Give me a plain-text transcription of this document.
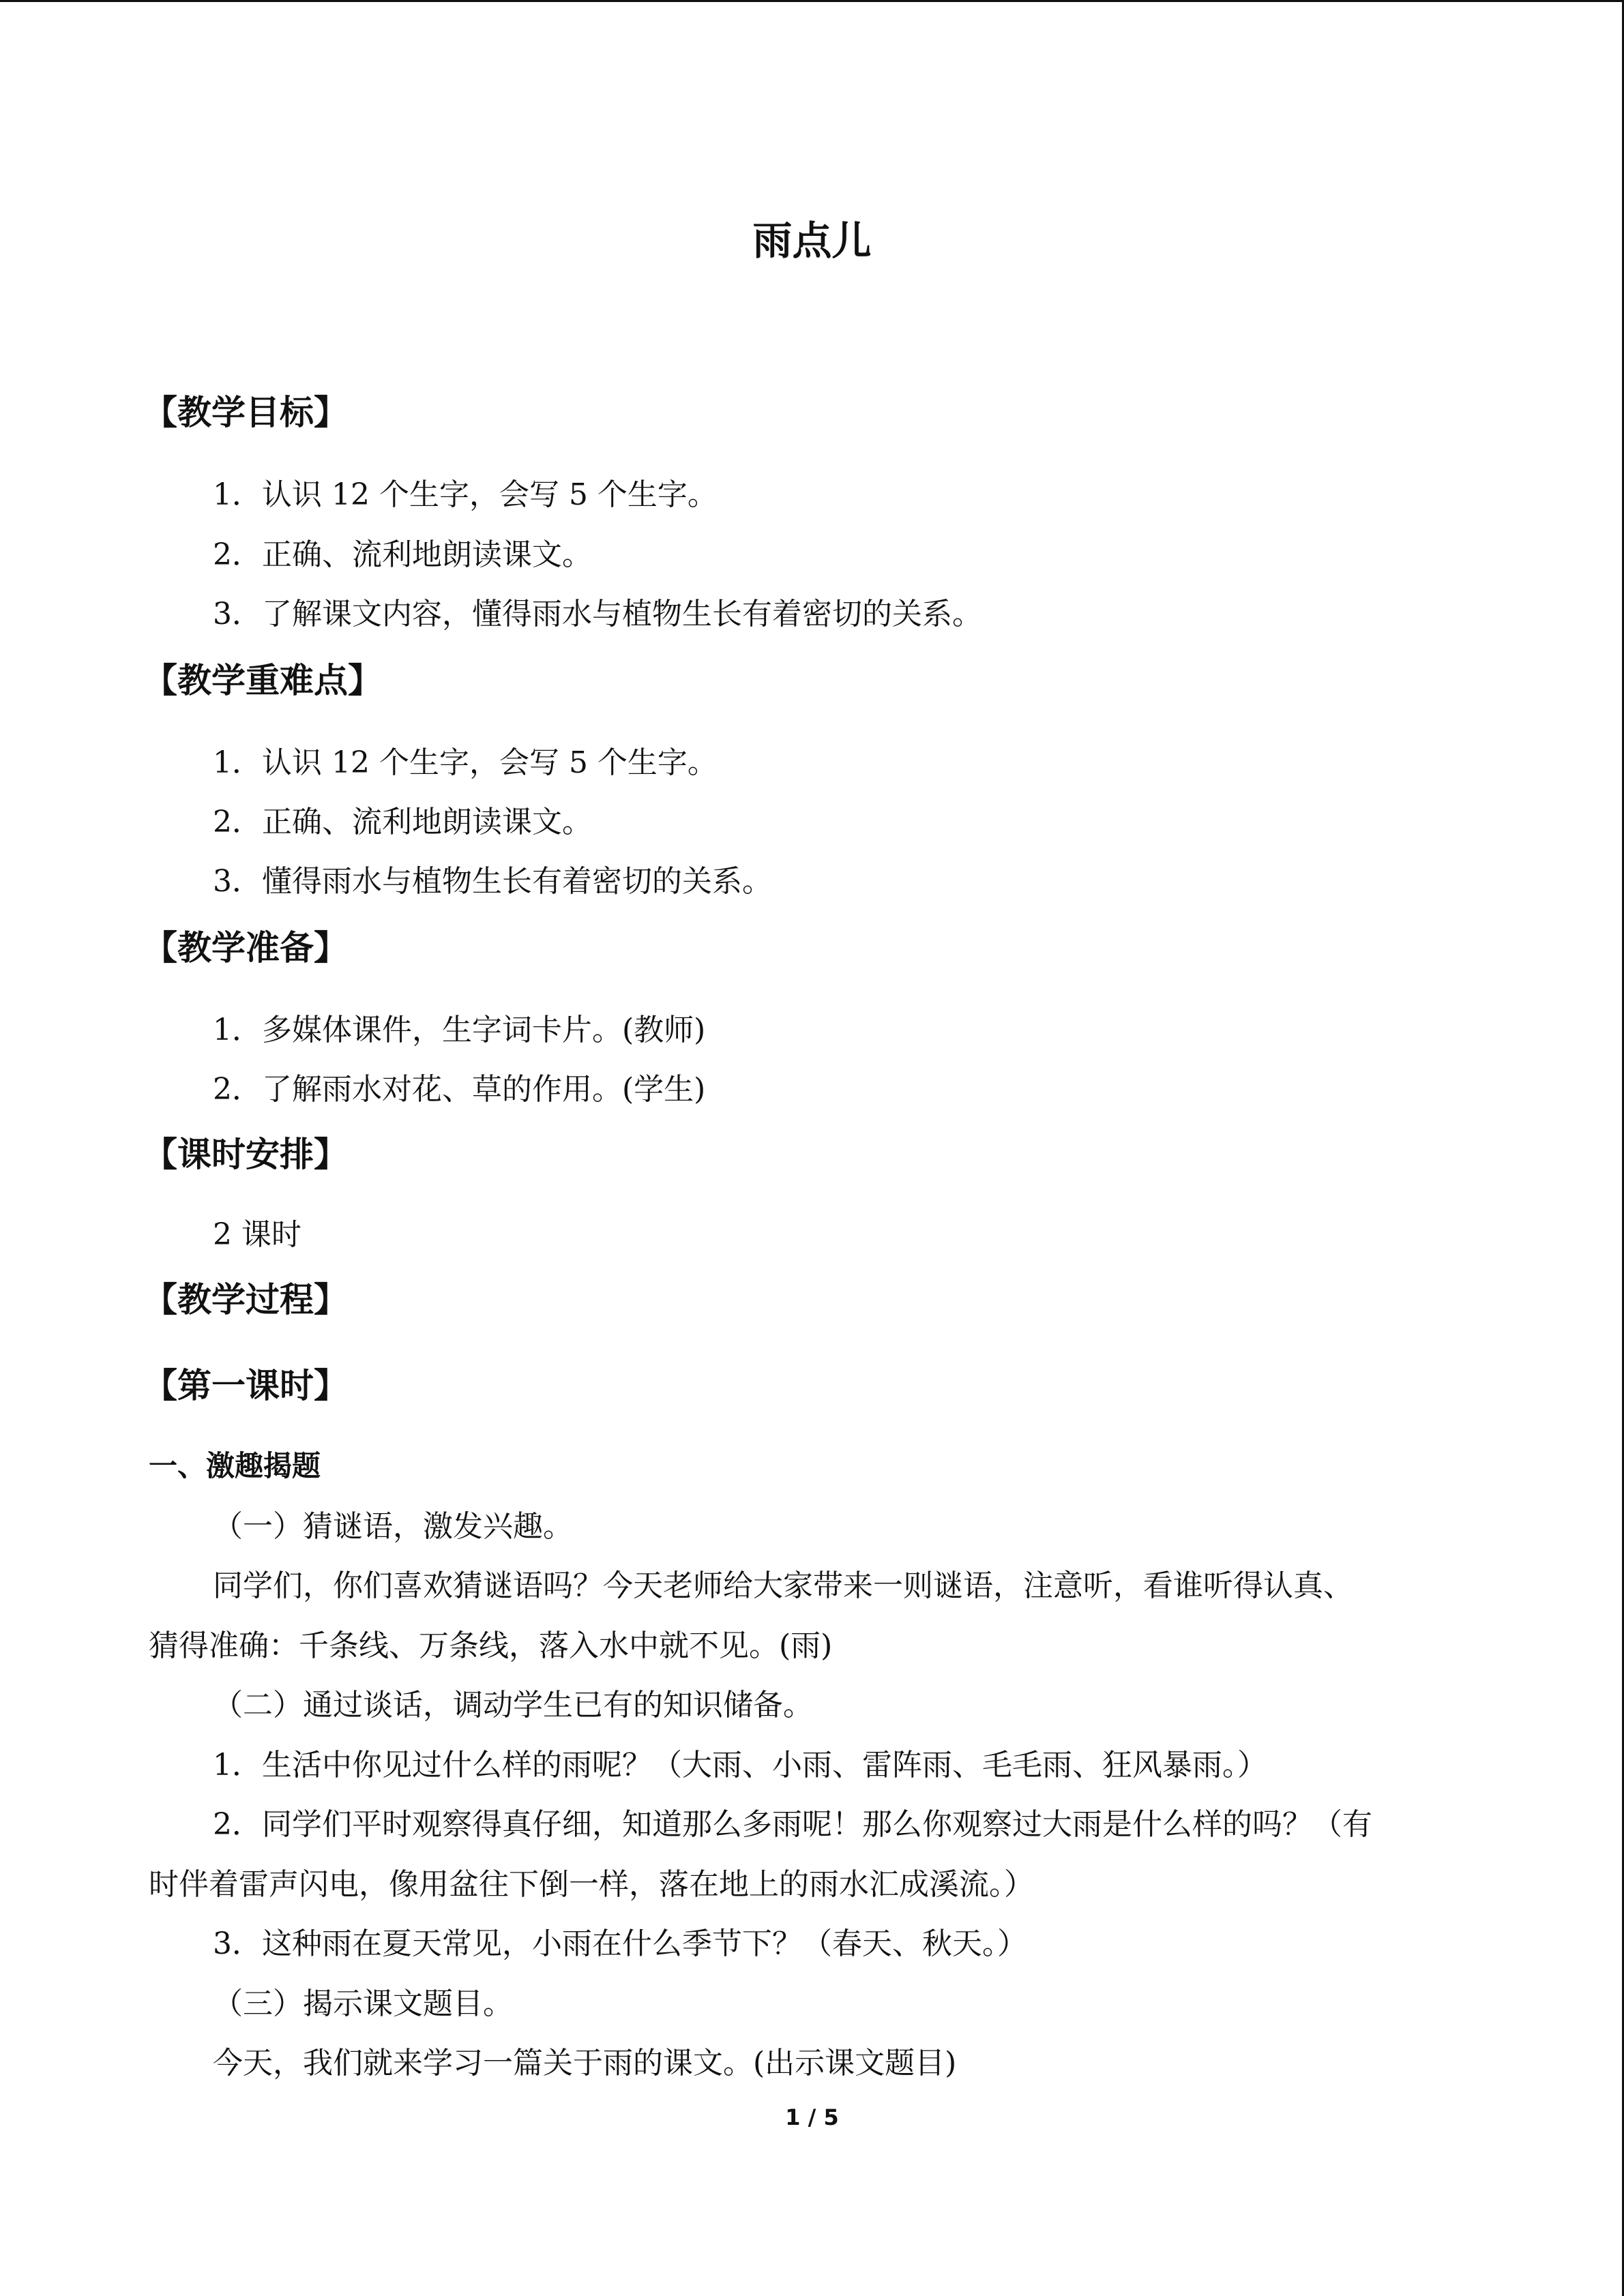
雨点儿
【教学目标】

1．认识 12 个生字，会写 5 个生字。

2．正确、流利地朗读课文。

3．了解课文内容，懂得雨水与植物生长有着密切的关系。

【教学重难点】

1．认识 12 个生字，会写 5 个生字。

2．正确、流利地朗读课文。

3．懂得雨水与植物生长有着密切的关系。

【教学准备】

1．多媒体课件，生字词卡片。(教师)

2．了解雨水对花、草的作用。(学生)

【课时安排】

2 课时

【教学过程】
【第一课时】
一、激趣揭题

（一）猜谜语，激发兴趣。

同学们，你们喜欢猜谜语吗？今天老师给大家带来一则谜语，注意听，看谁听得认真、

猜得准确：千条线、万条线，落入水中就不见。(雨)

（二）通过谈话，调动学生已有的知识储备。

1．生活中你见过什么样的雨呢？（大雨、小雨、雷阵雨、毛毛雨、狂风暴雨。）

2．同学们平时观察得真仔细，知道那么多雨呢！那么你观察过大雨是什么样的吗？（有

时伴着雷声闪电，像用盆往下倒一样，落在地上的雨水汇成溪流。）

3．这种雨在夏天常见，小雨在什么季节下？（春天、秋天。）

（三）揭示课文题目。

今天，我们就来学习一篇关于雨的课文。(出示课文题目)

1 / 5
